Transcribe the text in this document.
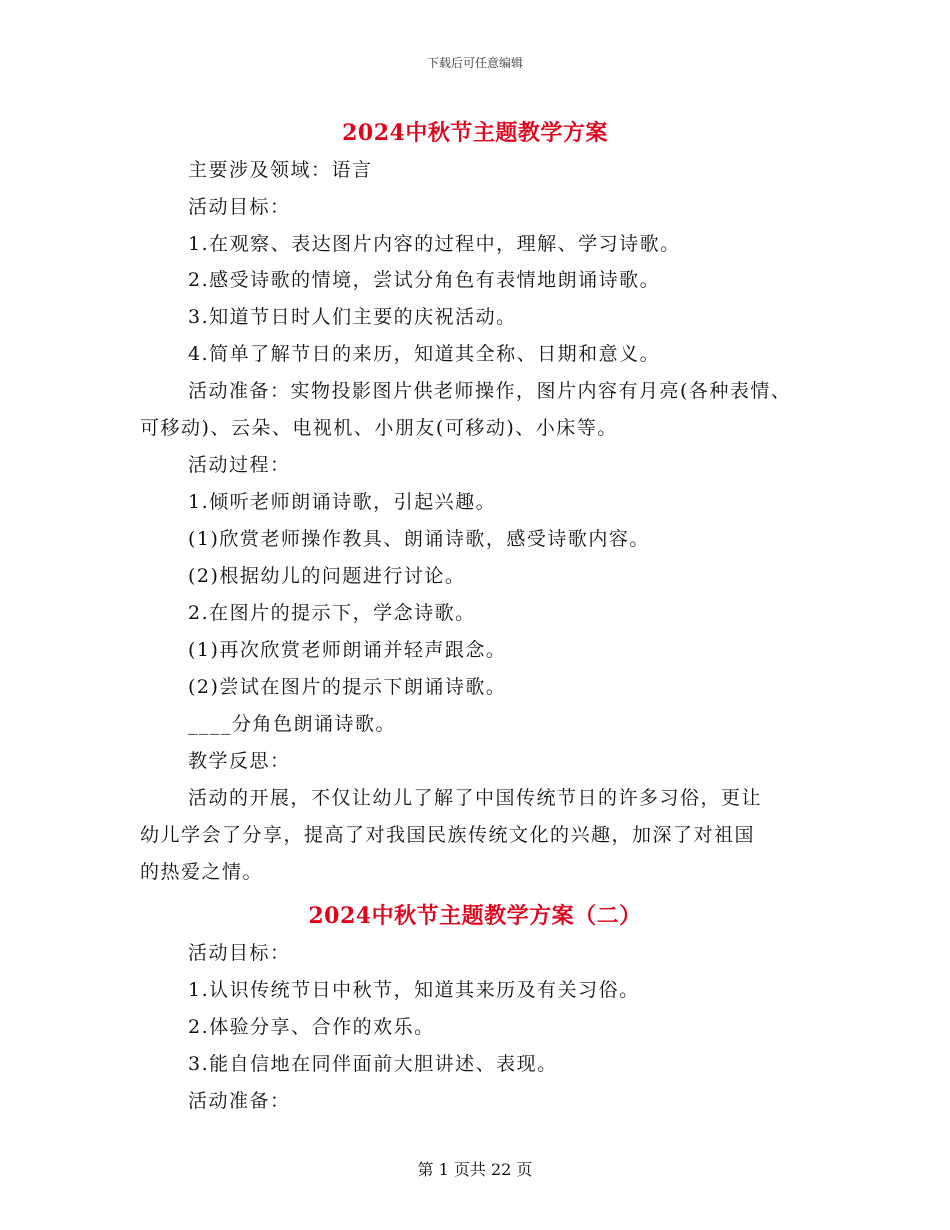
下载后可任意编辑
2024中秋节主题教学方案
主要涉及领域：语言
活动目标：
1.在观察、表达图片内容的过程中，理解、学习诗歌。
2.感受诗歌的情境，尝试分角色有表情地朗诵诗歌。
3.知道节日时人们主要的庆祝活动。
4.简单了解节日的来历，知道其全称、日期和意义。
活动准备：实物投影图片供老师操作，图片内容有月亮(各种表情、
可移动)、云朵、电视机、小朋友(可移动)、小床等。
活动过程：
1.倾听老师朗诵诗歌，引起兴趣。
(1)欣赏老师操作教具、朗诵诗歌，感受诗歌内容。
(2)根据幼儿的问题进行讨论。
2.在图片的提示下，学念诗歌。
(1)再次欣赏老师朗诵并轻声跟念。
(2)尝试在图片的提示下朗诵诗歌。
____分角色朗诵诗歌。
教学反思：
活动的开展，不仅让幼儿了解了中国传统节日的许多习俗，更让
幼儿学会了分享，提高了对我国民族传统文化的兴趣，加深了对祖国
的热爱之情。
2024中秋节主题教学方案（二）
活动目标：
1.认识传统节日中秋节，知道其来历及有关习俗。
2.体验分享、合作的欢乐。
3.能自信地在同伴面前大胆讲述、表现。
活动准备：
第 1 页共 22 页
